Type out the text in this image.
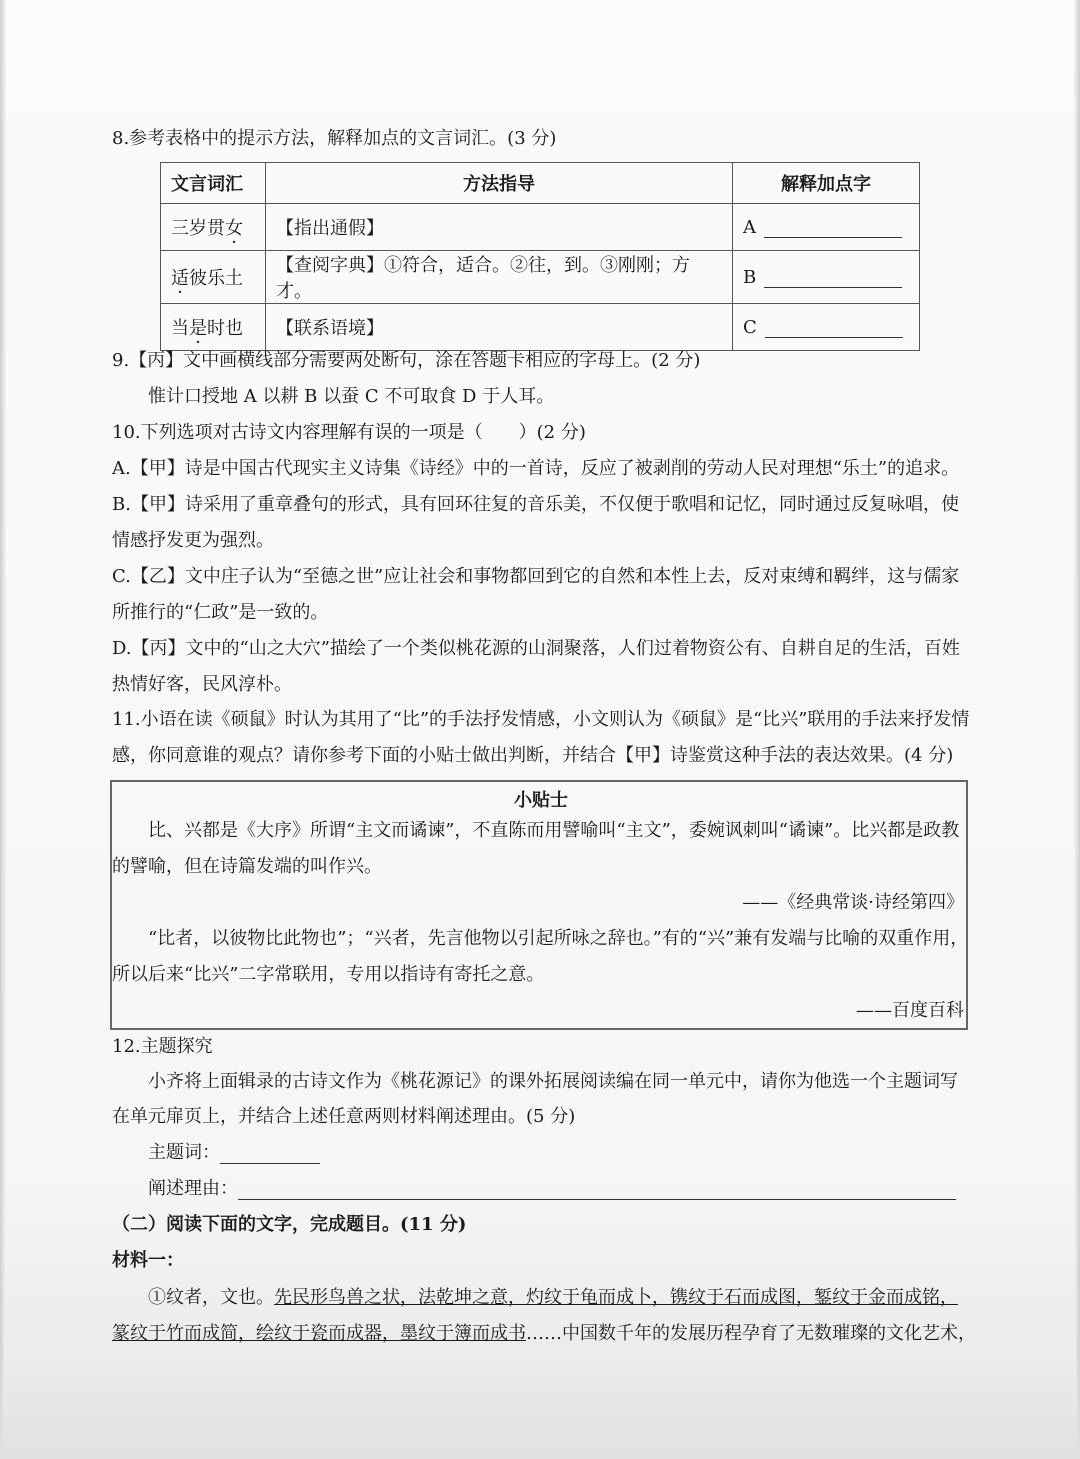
8.参考表格中的提示方法，解释加点的文言词汇。(3 分)
文言词汇	方法指导	解释加点字
三岁贯女	【指出通假】	A
适彼乐土	【查阅字典】①符合，适合。②往，到。③刚刚；方才。	B
当是时也	【联系语境】	C
9.【丙】文中画横线部分需要两处断句，涂在答题卡相应的字母上。(2 分)
惟计口授地 A 以耕 B 以蚕 C 不可取食 D 于人耳。
10.下列选项对古诗文内容理解有误的一项是（　　）(2 分)
A.【甲】诗是中国古代现实主义诗集《诗经》中的一首诗，反应了被剥削的劳动人民对理想“乐土”的追求。
B.【甲】诗采用了重章叠句的形式，具有回环往复的音乐美，不仅便于歌唱和记忆，同时通过反复咏唱，使
情感抒发更为强烈。
C.【乙】文中庄子认为“至德之世”应让社会和事物都回到它的自然和本性上去，反对束缚和羁绊，这与儒家
所推行的“仁政”是一致的。
D.【丙】文中的“山之大穴”描绘了一个类似桃花源的山洞聚落，人们过着物资公有、自耕自足的生活，百姓
热情好客，民风淳朴。
11.小语在读《硕鼠》时认为其用了“比”的手法抒发情感，小文则认为《硕鼠》是“比兴”联用的手法来抒发情
感，你同意谁的观点？请你参考下面的小贴士做出判断，并结合【甲】诗鉴赏这种手法的表达效果。(4 分)
小贴士
比、兴都是《大序》所谓“主文而谲谏”，不直陈而用譬喻叫“主文”，委婉讽刺叫“谲谏”。比兴都是政教
的譬喻，但在诗篇发端的叫作兴。
——《经典常谈·诗经第四》
“比者，以彼物比此物也”；“兴者，先言他物以引起所咏之辞也。”有的“兴”兼有发端与比喻的双重作用，
所以后来“比兴”二字常联用，专用以指诗有寄托之意。
——百度百科
12.主题探究
小齐将上面辑录的古诗文作为《桃花源记》的课外拓展阅读编在同一单元中，请你为他选一个主题词写
在单元扉页上，并结合上述任意两则材料阐述理由。(5 分)
主题词：
阐述理由：
（二）阅读下面的文字，完成题目。(11 分)
材料一：
①纹者，文也。先民形鸟兽之状，法乾坤之意，灼纹于龟而成卜，镌纹于石而成图，錾纹于金而成铭，
篆纹于竹而成简，绘纹于瓷而成器，墨纹于簿而成书……中国数千年的发展历程孕育了无数璀璨的文化艺术，
